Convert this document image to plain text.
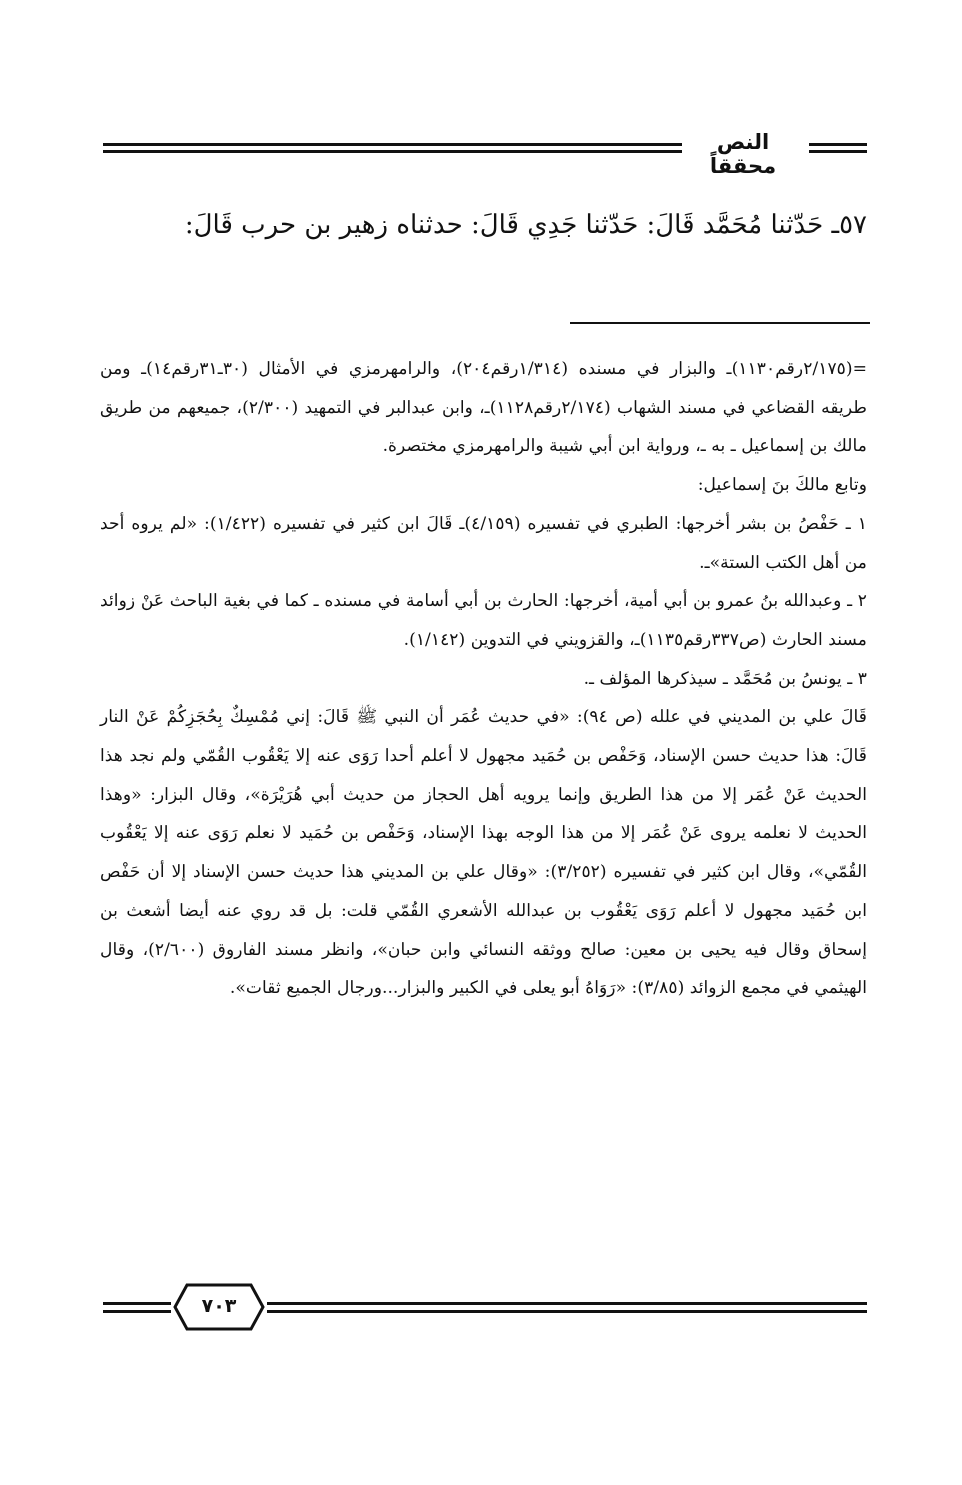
النص محققاً
٥٧ـ حَدّثنا مُحَمَّد قَالَ: حَدّثنا جَدِي قَالَ: حدثناه زهير بن حرب قَالَ:

=(٢/١٧٥رقم١١٣٠)ـ والبزار في مسنده (١/٣١٤رقم٢٠٤)، والرامهرمزي في الأمثال (٣٠ـ٣١رقم١٤)ـ ومن طريقه القضاعي في مسند الشهاب (٢/١٧٤رقم١١٢٨)ـ، وابن عبدالبر في التمهيد (٢/٣٠٠)، جميعهم من طريق مالك بن إسماعيل ـ به ـ، ورواية ابن أبي شيبة والرامهرمزي مختصرة.

وتابع مالكَ بنَ إسماعيل:

١ ـ حَفْصُ بن بشر أخرجها: الطبري في تفسيره (٤/١٥٩)ـ قَالَ ابن كثير في تفسيره (١/٤٢٢): «لم يروه أحد من أهل الكتب الستة»ـ.

٢ ـ وعبدالله بنُ عمرو بن أبي أمية، أخرجها: الحارث بن أبي أسامة في مسنده ـ كما في بغية الباحث عَنْ زوائد مسند الحارث (ص٣٣٧رقم١١٣٥)ـ، والقزويني في التدوين (١/١٤٢).

٣ ـ يونسُ بن مُحَمَّد ـ سيذكرها المؤلف ـ.

قَالَ علي بن المديني في علله (ص ٩٤): «في حديث عُمَر أن النبي ﷺ قَالَ: إني مُمْسِكٌ بِحُجَزِكُمْ عَنْ النار قَالَ: هذا حديث حسن الإسناد، وَحَفْص بن حُمَيد مجهول لا أعلم أحدا رَوَى عنه إلا يَعْقُوب القُمّي ولم نجد هذا الحديث عَنْ عُمَر إلا من هذا الطريق وإنما يرويه أهل الحجاز من حديث أبي هُرَيْرَة»، وقال البزار: «وهذا الحديث لا نعلمه يروى عَنْ عُمَر إلا من هذا الوجه بهذا الإسناد، وَحَفْص بن حُمَيد لا نعلم رَوَى عنه إلا يَعْقُوب القُمّي»، وقال ابن كثير في تفسيره (٣/٢٥٢): «وقال علي بن المديني هذا حديث حسن الإسناد إلا أن حَفْص ابن حُمَيد مجهول لا أعلم رَوَى يَعْقُوب بن عبدالله الأشعري القُمّي قلت: بل قد روي عنه أيضا أشعث بن إسحاق وقال فيه يحيى بن معين: صالح ووثقه النسائي وابن حبان»، وانظر مسند الفاروق (٢/٦٠٠)، وقال الهيثمي في مجمع الزوائد (٣/٨٥): «رَوَاهُ أبو يعلى في الكبير والبزار...ورجال الجميع ثقات».

٧٠٣
